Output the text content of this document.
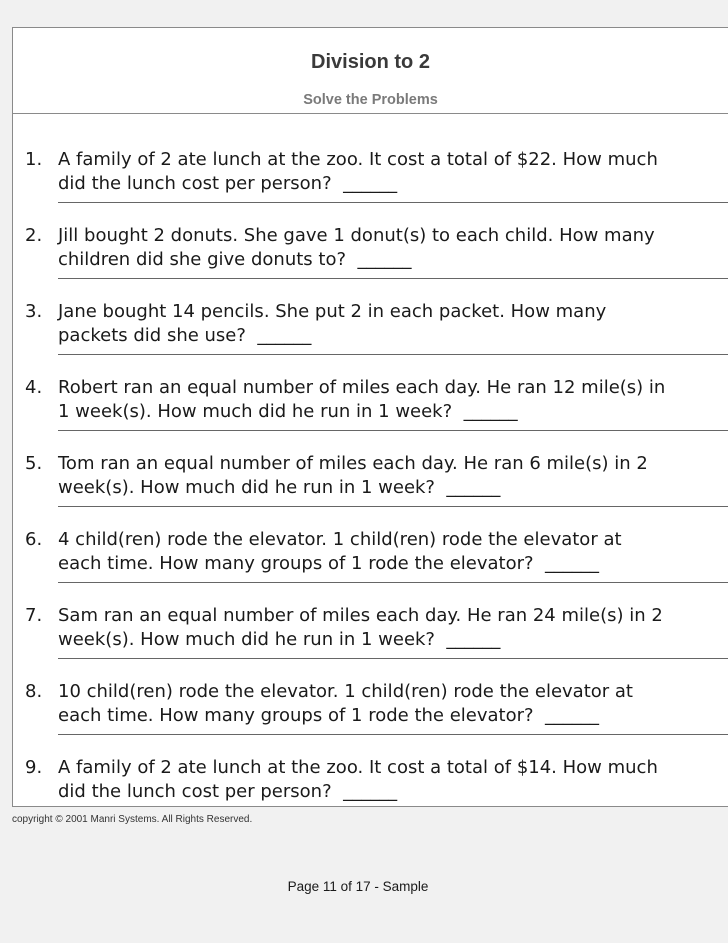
Division to 2
Solve the Problems
1. A family of 2 ate lunch at the zoo. It cost a total of $22. How much
did the lunch cost per person?  ______
2. Jill bought 2 donuts. She gave 1 donut(s) to each child. How many
children did she give donuts to?  ______
3. Jane bought 14 pencils. She put 2 in each packet. How many
packets did she use?  ______
4. Robert ran an equal number of miles each day. He ran 12 mile(s) in
1 week(s). How much did he run in 1 week?  ______
5. Tom ran an equal number of miles each day. He ran 6 mile(s) in 2
week(s). How much did he run in 1 week?  ______
6. 4 child(ren) rode the elevator. 1 child(ren) rode the elevator at
each time. How many groups of 1 rode the elevator?  ______
7. Sam ran an equal number of miles each day. He ran 24 mile(s) in 2
week(s). How much did he run in 1 week?  ______
8. 10 child(ren) rode the elevator. 1 child(ren) rode the elevator at
each time. How many groups of 1 rode the elevator?  ______
9. A family of 2 ate lunch at the zoo. It cost a total of $14. How much
did the lunch cost per person?  ______
copyright © 2001 Manri Systems. All Rights Reserved.
Page 11 of 17 - Sample
